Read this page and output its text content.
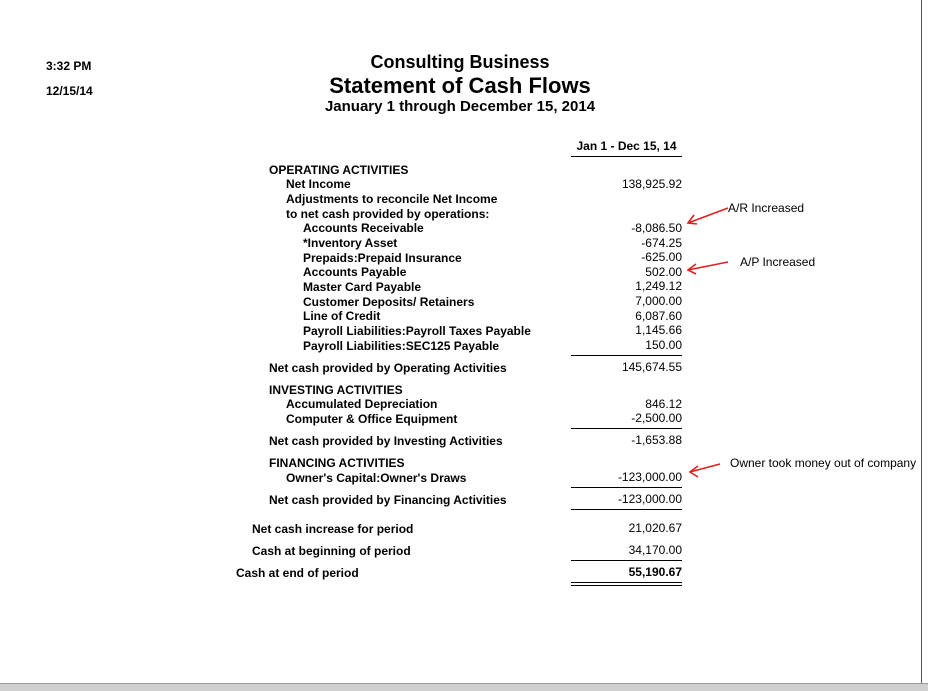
3:32 PM
12/15/14
Consulting Business
Statement of Cash Flows
January 1 through December 15, 2014
Jan 1 - Dec 15, 14
OPERATING ACTIVITIES
Net Income	138,925.92
Adjustments to reconcile Net Income
to net cash provided by operations:
Accounts Receivable	-8,086.50
*Inventory Asset	-674.25
Prepaids:Prepaid Insurance	-625.00
Accounts Payable	502.00
Master Card Payable	1,249.12
Customer Deposits/ Retainers	7,000.00
Line of Credit	6,087.60
Payroll Liabilities:Payroll Taxes Payable	1,145.66
Payroll Liabilities:SEC125 Payable	150.00
Net cash provided by Operating Activities	145,674.55
INVESTING ACTIVITIES
Accumulated Depreciation	846.12
Computer & Office Equipment	-2,500.00
Net cash provided by Investing Activities	-1,653.88
FINANCING ACTIVITIES
Owner's Capital:Owner's Draws	-123,000.00
Net cash provided by Financing Activities	-123,000.00
Net cash increase for period	21,020.67
Cash at beginning of period	34,170.00
Cash at end of period	55,190.67
A/R Increased
A/P Increased
Owner took money out of company
